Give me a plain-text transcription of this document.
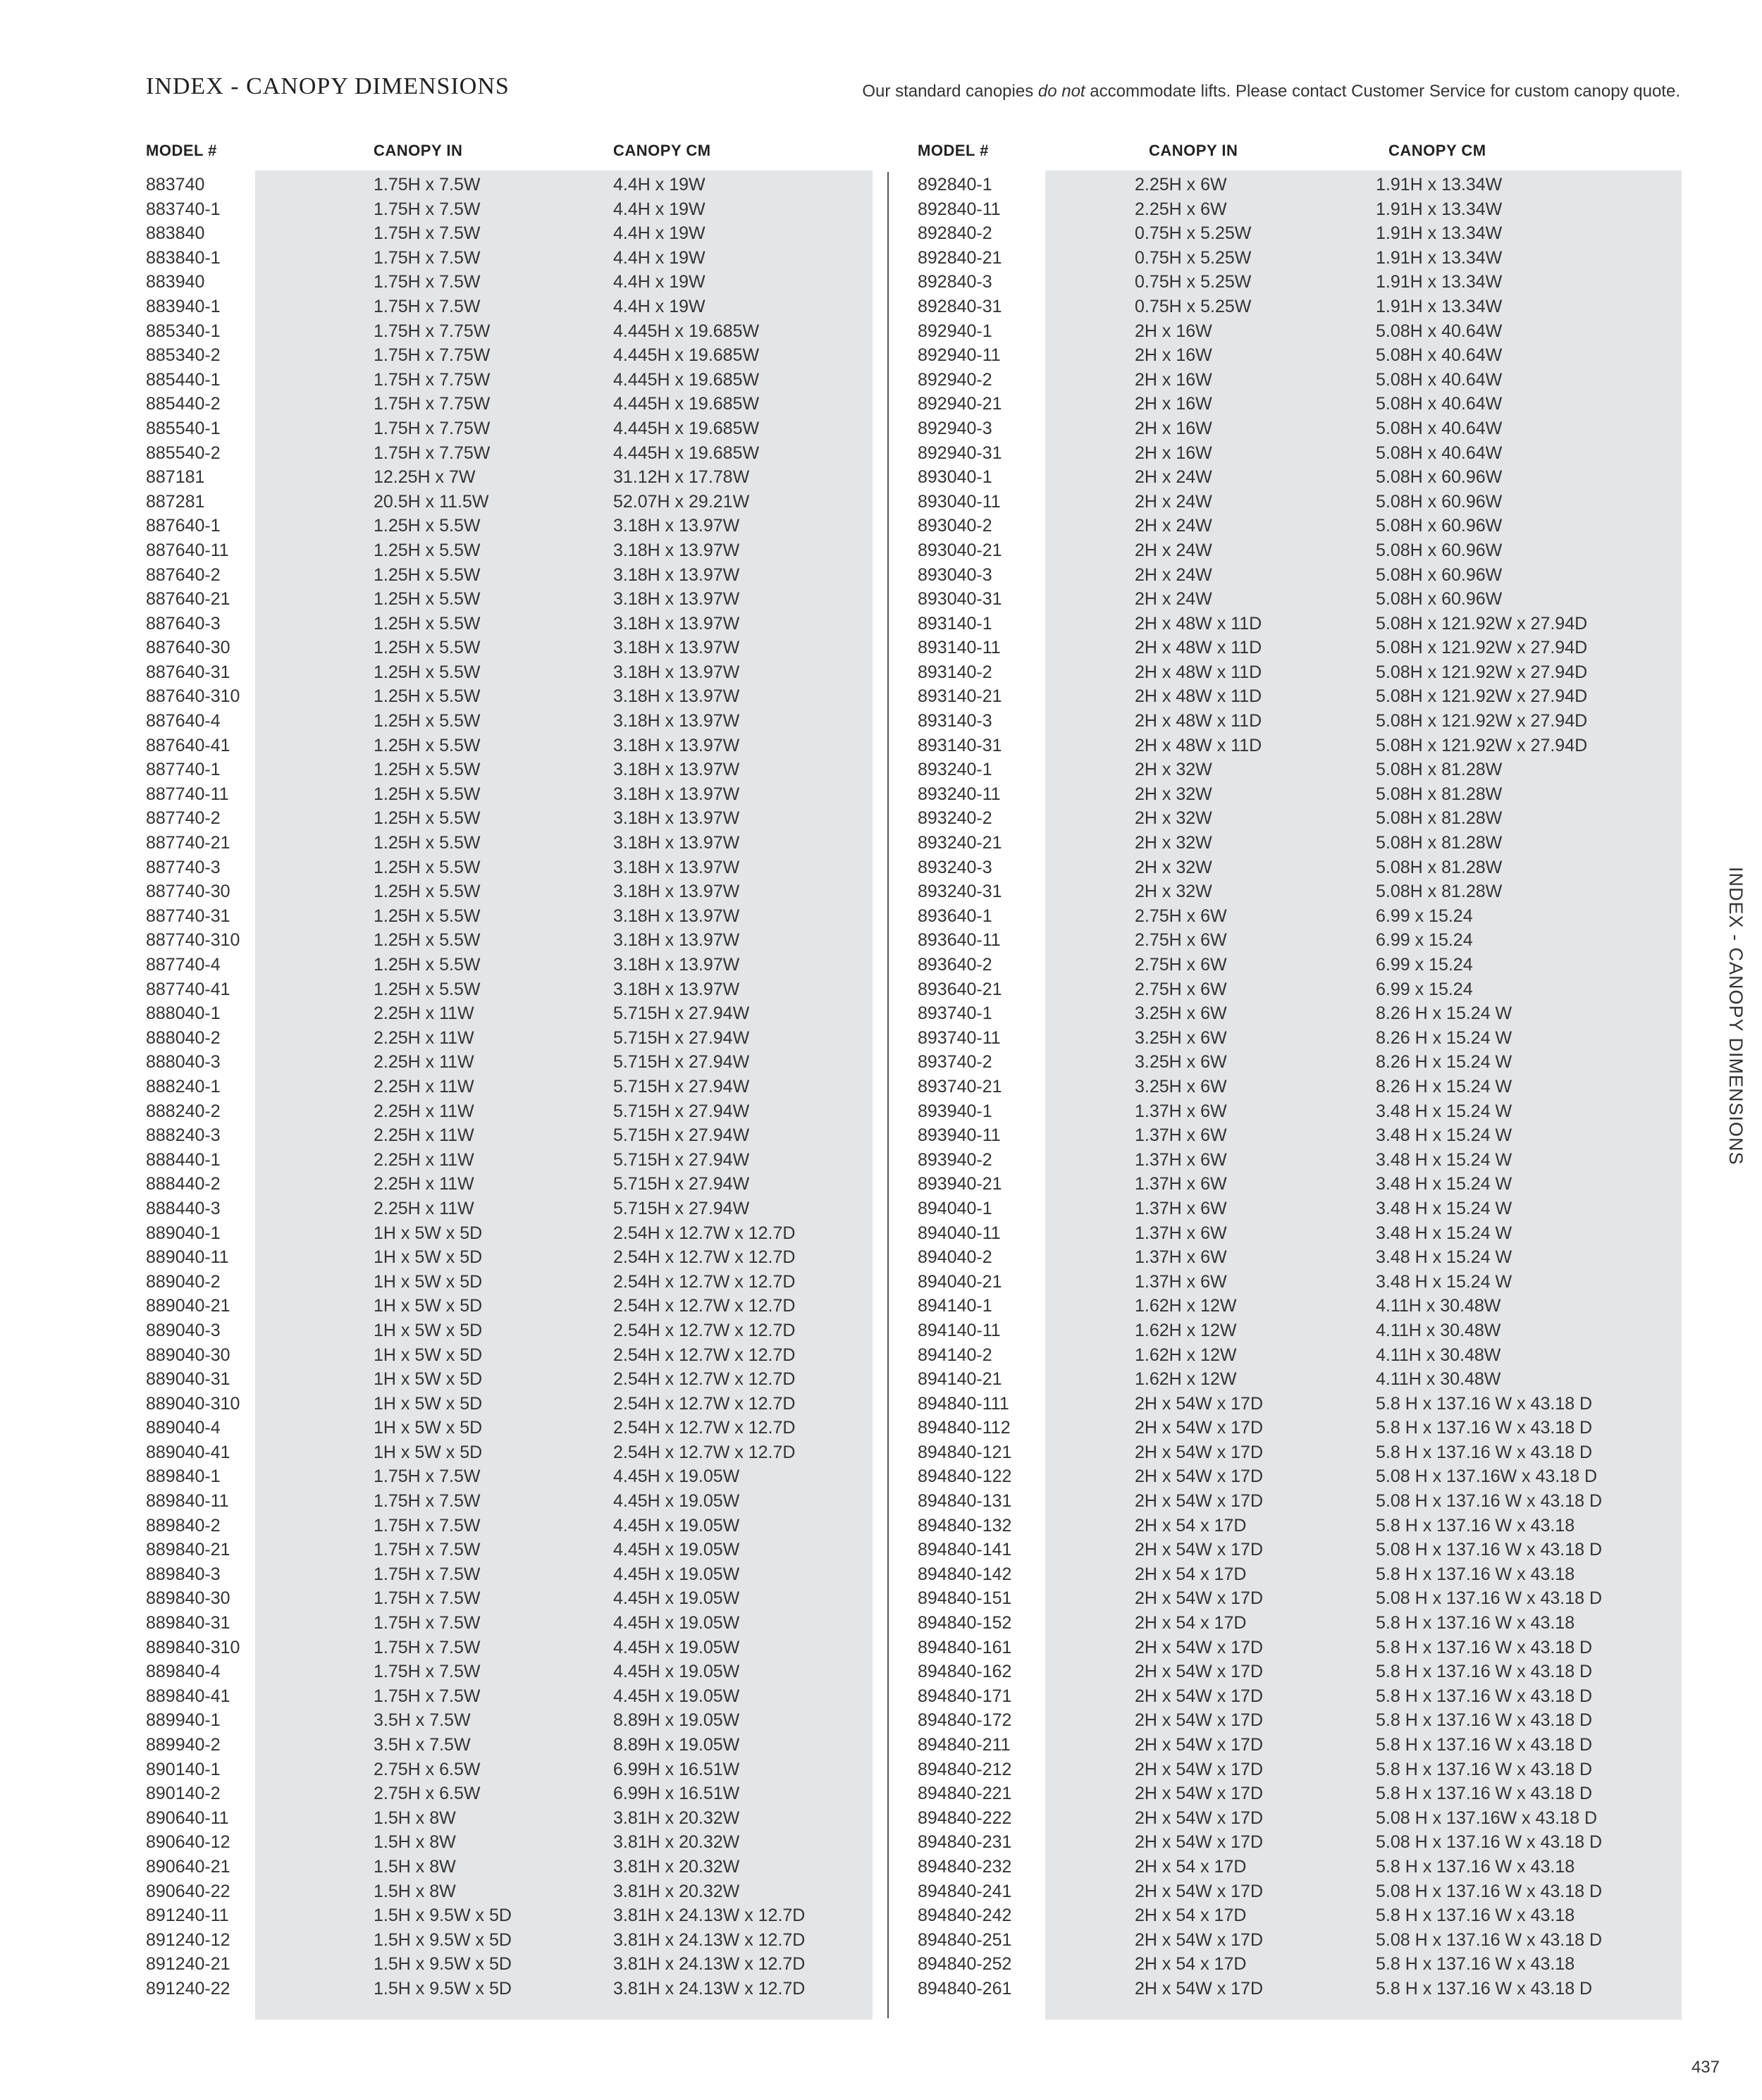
INDEX - CANOPY DIMENSIONS	Our standard canopies do not accommodate lifts. Please contact Customer Service for custom canopy quote.
MODEL #	CANOPY IN	CANOPY CM	MODEL #	CANOPY IN	CANOPY CM
883740	1.75H x 7.5W	4.4H x 19W
883740-1	1.75H x 7.5W	4.4H x 19W
883840	1.75H x 7.5W	4.4H x 19W
883840-1	1.75H x 7.5W	4.4H x 19W
883940	1.75H x 7.5W	4.4H x 19W
883940-1	1.75H x 7.5W	4.4H x 19W
885340-1	1.75H x 7.75W	4.445H x 19.685W
885340-2	1.75H x 7.75W	4.445H x 19.685W
885440-1	1.75H x 7.75W	4.445H x 19.685W
885440-2	1.75H x 7.75W	4.445H x 19.685W
885540-1	1.75H x 7.75W	4.445H x 19.685W
885540-2	1.75H x 7.75W	4.445H x 19.685W
887181	12.25H x 7W	31.12H x 17.78W
887281	20.5H x 11.5W	52.07H x 29.21W
887640-1	1.25H x 5.5W	3.18H x 13.97W
887640-11	1.25H x 5.5W	3.18H x 13.97W
887640-2	1.25H x 5.5W	3.18H x 13.97W
887640-21	1.25H x 5.5W	3.18H x 13.97W
887640-3	1.25H x 5.5W	3.18H x 13.97W
887640-30	1.25H x 5.5W	3.18H x 13.97W
887640-31	1.25H x 5.5W	3.18H x 13.97W
887640-310	1.25H x 5.5W	3.18H x 13.97W
887640-4	1.25H x 5.5W	3.18H x 13.97W
887640-41	1.25H x 5.5W	3.18H x 13.97W
887740-1	1.25H x 5.5W	3.18H x 13.97W
887740-11	1.25H x 5.5W	3.18H x 13.97W
887740-2	1.25H x 5.5W	3.18H x 13.97W
887740-21	1.25H x 5.5W	3.18H x 13.97W
887740-3	1.25H x 5.5W	3.18H x 13.97W
887740-30	1.25H x 5.5W	3.18H x 13.97W
887740-31	1.25H x 5.5W	3.18H x 13.97W
887740-310	1.25H x 5.5W	3.18H x 13.97W
887740-4	1.25H x 5.5W	3.18H x 13.97W
887740-41	1.25H x 5.5W	3.18H x 13.97W
888040-1	2.25H x 11W	5.715H x 27.94W
888040-2	2.25H x 11W	5.715H x 27.94W
888040-3	2.25H x 11W	5.715H x 27.94W
888240-1	2.25H x 11W	5.715H x 27.94W
888240-2	2.25H x 11W	5.715H x 27.94W
888240-3	2.25H x 11W	5.715H x 27.94W
888440-1	2.25H x 11W	5.715H x 27.94W
888440-2	2.25H x 11W	5.715H x 27.94W
888440-3	2.25H x 11W	5.715H x 27.94W
889040-1	1H x 5W x 5D	2.54H x 12.7W x 12.7D
889040-11	1H x 5W x 5D	2.54H x 12.7W x 12.7D
889040-2	1H x 5W x 5D	2.54H x 12.7W x 12.7D
889040-21	1H x 5W x 5D	2.54H x 12.7W x 12.7D
889040-3	1H x 5W x 5D	2.54H x 12.7W x 12.7D
889040-30	1H x 5W x 5D	2.54H x 12.7W x 12.7D
889040-31	1H x 5W x 5D	2.54H x 12.7W x 12.7D
889040-310	1H x 5W x 5D	2.54H x 12.7W x 12.7D
889040-4	1H x 5W x 5D	2.54H x 12.7W x 12.7D
889040-41	1H x 5W x 5D	2.54H x 12.7W x 12.7D
889840-1	1.75H x 7.5W	4.45H x 19.05W
889840-11	1.75H x 7.5W	4.45H x 19.05W
889840-2	1.75H x 7.5W	4.45H x 19.05W
889840-21	1.75H x 7.5W	4.45H x 19.05W
889840-3	1.75H x 7.5W	4.45H x 19.05W
889840-30	1.75H x 7.5W	4.45H x 19.05W
889840-31	1.75H x 7.5W	4.45H x 19.05W
889840-310	1.75H x 7.5W	4.45H x 19.05W
889840-4	1.75H x 7.5W	4.45H x 19.05W
889840-41	1.75H x 7.5W	4.45H x 19.05W
889940-1	3.5H x 7.5W	8.89H x 19.05W
889940-2	3.5H x 7.5W	8.89H x 19.05W
890140-1	2.75H x 6.5W	6.99H x 16.51W
890140-2	2.75H x 6.5W	6.99H x 16.51W
890640-11	1.5H x 8W	3.81H x 20.32W
890640-12	1.5H x 8W	3.81H x 20.32W
890640-21	1.5H x 8W	3.81H x 20.32W
890640-22	1.5H x 8W	3.81H x 20.32W
891240-11	1.5H x 9.5W x 5D	3.81H x 24.13W x 12.7D
891240-12	1.5H x 9.5W x 5D	3.81H x 24.13W x 12.7D
891240-21	1.5H x 9.5W x 5D	3.81H x 24.13W x 12.7D
891240-22	1.5H x 9.5W x 5D	3.81H x 24.13W x 12.7D
892840-1	2.25H x 6W	1.91H x 13.34W
892840-11	2.25H x 6W	1.91H x 13.34W
892840-2	0.75H x 5.25W	1.91H x 13.34W
892840-21	0.75H x 5.25W	1.91H x 13.34W
892840-3	0.75H x 5.25W	1.91H x 13.34W
892840-31	0.75H x 5.25W	1.91H x 13.34W
892940-1	2H x 16W	5.08H x 40.64W
892940-11	2H x 16W	5.08H x 40.64W
892940-2	2H x 16W	5.08H x 40.64W
892940-21	2H x 16W	5.08H x 40.64W
892940-3	2H x 16W	5.08H x 40.64W
892940-31	2H x 16W	5.08H x 40.64W
893040-1	2H x 24W	5.08H x 60.96W
893040-11	2H x 24W	5.08H x 60.96W
893040-2	2H x 24W	5.08H x 60.96W
893040-21	2H x 24W	5.08H x 60.96W
893040-3	2H x 24W	5.08H x 60.96W
893040-31	2H x 24W	5.08H x 60.96W
893140-1	2H x 48W x 11D	5.08H x 121.92W x 27.94D
893140-11	2H x 48W x 11D	5.08H x 121.92W x 27.94D
893140-2	2H x 48W x 11D	5.08H x 121.92W x 27.94D
893140-21	2H x 48W x 11D	5.08H x 121.92W x 27.94D
893140-3	2H x 48W x 11D	5.08H x 121.92W x 27.94D
893140-31	2H x 48W x 11D	5.08H x 121.92W x 27.94D
893240-1	2H x 32W	5.08H x 81.28W
893240-11	2H x 32W	5.08H x 81.28W
893240-2	2H x 32W	5.08H x 81.28W
893240-21	2H x 32W	5.08H x 81.28W
893240-3	2H x 32W	5.08H x 81.28W
893240-31	2H x 32W	5.08H x 81.28W
893640-1	2.75H x 6W	6.99 x 15.24
893640-11	2.75H x 6W	6.99 x 15.24
893640-2	2.75H x 6W	6.99 x 15.24
893640-21	2.75H x 6W	6.99 x 15.24
893740-1	3.25H x 6W	8.26 H x 15.24 W
893740-11	3.25H x 6W	8.26 H x 15.24 W
893740-2	3.25H x 6W	8.26 H x 15.24 W
893740-21	3.25H x 6W	8.26 H x 15.24 W
893940-1	1.37H x 6W	3.48 H x 15.24 W
893940-11	1.37H x 6W	3.48 H x 15.24 W
893940-2	1.37H x 6W	3.48 H x 15.24 W
893940-21	1.37H x 6W	3.48 H x 15.24 W
894040-1	1.37H x 6W	3.48 H x 15.24 W
894040-11	1.37H x 6W	3.48 H x 15.24 W
894040-2	1.37H x 6W	3.48 H x 15.24 W
894040-21	1.37H x 6W	3.48 H x 15.24 W
894140-1	1.62H x 12W	4.11H x 30.48W
894140-11	1.62H x 12W	4.11H x 30.48W
894140-2	1.62H x 12W	4.11H x 30.48W
894140-21	1.62H x 12W	4.11H x 30.48W
894840-111	2H x 54W x 17D	5.8 H x 137.16 W x 43.18 D
894840-112	2H x 54W x 17D	5.8 H x 137.16 W x 43.18 D
894840-121	2H x 54W x 17D	5.8 H x 137.16 W x 43.18 D
894840-122	2H x 54W x 17D	5.08 H x 137.16W x 43.18 D
894840-131	2H x 54W x 17D	5.08 H x 137.16 W x 43.18 D
894840-132	2H x 54 x 17D	5.8 H x 137.16 W x 43.18
894840-141	2H x 54W x 17D	5.08 H x 137.16 W x 43.18 D
894840-142	2H x 54 x 17D	5.8 H x 137.16 W x 43.18
894840-151	2H x 54W x 17D	5.08 H x 137.16 W x 43.18 D
894840-152	2H x 54 x 17D	5.8 H x 137.16 W x 43.18
894840-161	2H x 54W x 17D	5.8 H x 137.16 W x 43.18 D
894840-162	2H x 54W x 17D	5.8 H x 137.16 W x 43.18 D
894840-171	2H x 54W x 17D	5.8 H x 137.16 W x 43.18 D
894840-172	2H x 54W x 17D	5.8 H x 137.16 W x 43.18 D
894840-211	2H x 54W x 17D	5.8 H x 137.16 W x 43.18 D
894840-212	2H x 54W x 17D	5.8 H x 137.16 W x 43.18 D
894840-221	2H x 54W x 17D	5.8 H x 137.16 W x 43.18 D
894840-222	2H x 54W x 17D	5.08 H x 137.16W x 43.18 D
894840-231	2H x 54W x 17D	5.08 H x 137.16 W x 43.18 D
894840-232	2H x 54 x 17D	5.8 H x 137.16 W x 43.18
894840-241	2H x 54W x 17D	5.08 H x 137.16 W x 43.18 D
894840-242	2H x 54 x 17D	5.8 H x 137.16 W x 43.18
894840-251	2H x 54W x 17D	5.08 H x 137.16 W x 43.18 D
894840-252	2H x 54 x 17D	5.8 H x 137.16 W x 43.18
894840-261	2H x 54W x 17D	5.8 H x 137.16 W x 43.18 D
INDEX - CANOPY DIMENSIONS
437
